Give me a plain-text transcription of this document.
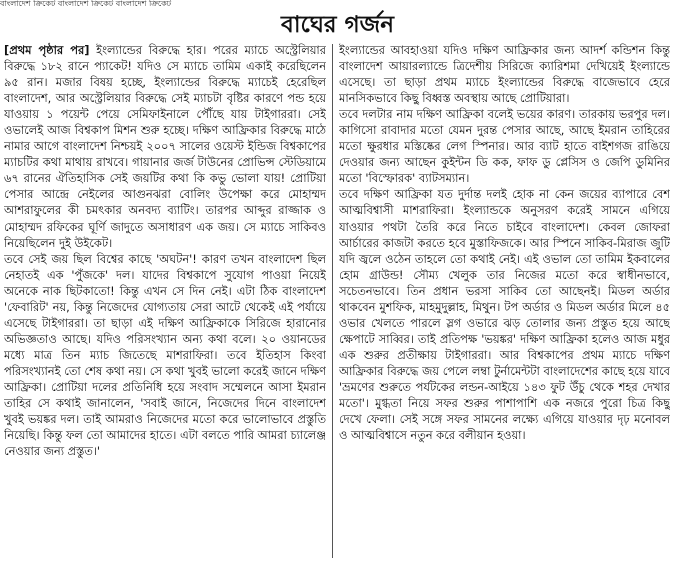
বাংলাদেশ ক্রিকেট বাংলাদেশ ক্রিকেট বাংলাদেশ ক্রিকেট
বাঘের গর্জন

[প্রথম পৃষ্ঠার পর] ইংল্যান্ডের বিরুদ্ধে হার। পরের ম্যাচে অস্ট্রেলিয়ার বিরুদ্ধে ১৮২ রানে প্যাকেট! যদিও সে ম্যাচে তামিম একাই করেছিলেন ৯৫ রান। মজার বিষয় হচ্ছে, ইংল্যান্ডের বিরুদ্ধে ম্যাচেই হেরেছিল বাংলাদেশ, আর অস্ট্রেলিয়ার বিরুদ্ধে সেই ম্যাচটা বৃষ্টির কারণে পন্ড হয়ে যাওয়ায় ১ পয়েন্ট পেয়ে সেমিফাইনালে পৌঁছে যায় টাইগাররা। সেই ওভালেই আজ বিশ্বকাপ মিশন শুরু হচ্ছে। দক্ষিণ আফ্রিকার বিরুদ্ধে মাঠে নামার আগে বাংলাদেশ নিশ্চয়ই ২০০৭ সালের ওয়েস্ট ইন্ডিজ বিশ্বকাপের ম্যাচটির কথা মাথায় রাখবে। গায়ানার জর্জ টাউনের প্রোভিন্স স্টেডিয়ামে ৬৭ রানের ঐতিহাসিক সেই জয়টির কথা কি কভু ভোলা যায়! প্রোটিয়া পেসার আন্দ্রে নেইলের আগুনঝরা বোলিং উপেক্ষা করে মোহাম্মদ আশরাফুলের কী চমৎকার অনবদ্য ব্যাটিং। তারপর আব্দুর রাজ্জাক ও মোহাম্মদ রফিকের ঘূর্ণি জাদুতে অসাধারণ এক জয়। সে ম্যাচে সাকিবও নিয়েছিলেন দুই উইকেট।

তবে সেই জয় ছিল বিশ্বের কাছে 'অঘটন'! কারণ তখন বাংলাদেশ ছিল নেহাতই এক 'পুঁজকে' দল। যাদের বিশ্বকাপে সুযোগ পাওয়া নিয়েই অনেকে নাক ছিটকাতো! কিন্তু এখন সে দিন নেই। এটা ঠিক বাংলাদেশ 'ফেবারিট' নয়, কিন্তু নিজেদের যোগ্যতায় সেরা আটে থেকেই এই পর্যায়ে এসেছে টাইগাররা। তা ছাড়া এই দক্ষিণ আফ্রিকাকে সিরিজে হারানোর অভিজ্ঞতাও আছে। যদিও পরিসংখ্যান অন্য কথা বলে। ২০ ওয়ানডের মধ্যে মাত্র তিন ম্যাচ জিতেছে মাশরাফিরা। তবে ইতিহাস কিংবা পরিসংখ্যানই তো শেষ কথা নয়। সে কথা খুবই ভালো করেই জানে দক্ষিণ আফ্রিকা। প্রোটিয়া দলের প্রতিনিধি হয়ে সংবাদ সম্মেলনে আসা ইমরান তাহির সে কথাই জানালেন, 'সবাই জানে, নিজেদের দিনে বাংলাদেশ খুবই ভয়ঙ্কর দল। তাই আমরাও নিজেদের মতো করে ভালোভাবে প্রস্তুতি নিয়েছি। কিন্তু ফল তো আমাদের হাতে। এটা বলতে পারি আমরা চ্যালেঞ্জ নেওয়ার জন্য প্রস্তুত।'

ইংল্যান্ডের আবহাওয়া যদিও দক্ষিণ আফ্রিকার জন্য আদর্শ কন্ডিশন কিন্তু বাংলাদেশ আয়ারল্যান্ডে ত্রিদেশীয় সিরিজে ক্যারিশমা দেখিয়েই ইংল্যান্ডে এসেছে। তা ছাড়া প্রথম ম্যাচে ইংল্যান্ডের বিরুদ্ধে বাজেভাবে হেরে মানসিকভাবে কিছু বিধ্বস্ত অবস্থায় আছে প্রোটিয়ারা।

তবে দলটার নাম দক্ষিণ আফ্রিকা বলেই ভয়ের কারণ। তারকায় ভরপুর দল। কাগিসো রাবাদার মতো যেমন দুরন্ত পেসার আছে, আছে ইমরান তাহিরের মতো ক্ষুরধার মস্তিষ্কের লেগ স্পিনার। আর ব্যাট হাতে বাইশগজ রাঙিয়ে দেওয়ার জন্য আছেন কুইন্টন ডি কক, ফাফ ডু প্লেসিস ও জেপি ডুমিনির মতো 'বিস্ফোরক' ব্যাটসম্যান।

তবে দক্ষিণ আফ্রিকা যত দুর্দান্ত দলই হোক না কেন জয়ের ব্যাপারে বেশ আত্মবিশ্বাসী মাশরাফিরা। ইংল্যান্ডকে অনুসরণ করেই সামনে এগিয়ে যাওয়ার পথটা তৈরি করে নিতে চাইবে বাংলাদেশ। কেবল জোফরা আর্চারের কাজটা করতে হবে মুস্তাফিজকে। আর স্পিনে সাকিব-মিরাজ জুটি যদি জ্বলে ওঠেন তাহলে তো কথাই নেই। এই ওভাল তো তামিম ইকবালের হোম গ্রাউন্ড! সৌম্য খেলুক তার নিজের মতো করে স্বাধীনভাবে, সচেতনভাবে। তিন প্রধান ভরসা সাকিব তো আছেনই। মিডল অর্ডার থাকবেন মুশফিক, মাহমুদুল্লাহ, মিথুন। টপ অর্ডার ও মিডল অর্ডার মিলে ৪৫ ওভার খেলতে পারলে স্লগ ওভারে ঝড় তোলার জন্য প্রস্তুত হয়ে আছে ক্ষেপাটে সাব্বির। তাই প্রতিপক্ষ 'ভয়ঙ্কর' দক্ষিণ আফ্রিকা হলেও আজ মধুর এক শুরুর প্রতীক্ষায় টাইগাররা। আর বিশ্বকাপের প্রথম ম্যাচে দক্ষিণ আফ্রিকার বিরুদ্ধে জয় পেলে লম্বা টুর্নামেন্টটা বাংলাদেশের কাছে হয়ে যাবে 'ভ্রমণের শুরুতে পর্যটকের লন্ডন-আইয়ে ১৪৩ ফুট উঁচু থেকে শহর দেখার মতো'। মুগ্ধতা নিয়ে সফর শুরুর পাশাপাশি এক নজরে পুরো চিত্র কিছু দেখে ফেলা। সেই সঙ্গে সফর সামনের লক্ষ্যে এগিয়ে যাওয়ার দৃঢ় মনোবল ও আত্মবিশ্বাসে নতুন করে বলীয়ান হওয়া।
